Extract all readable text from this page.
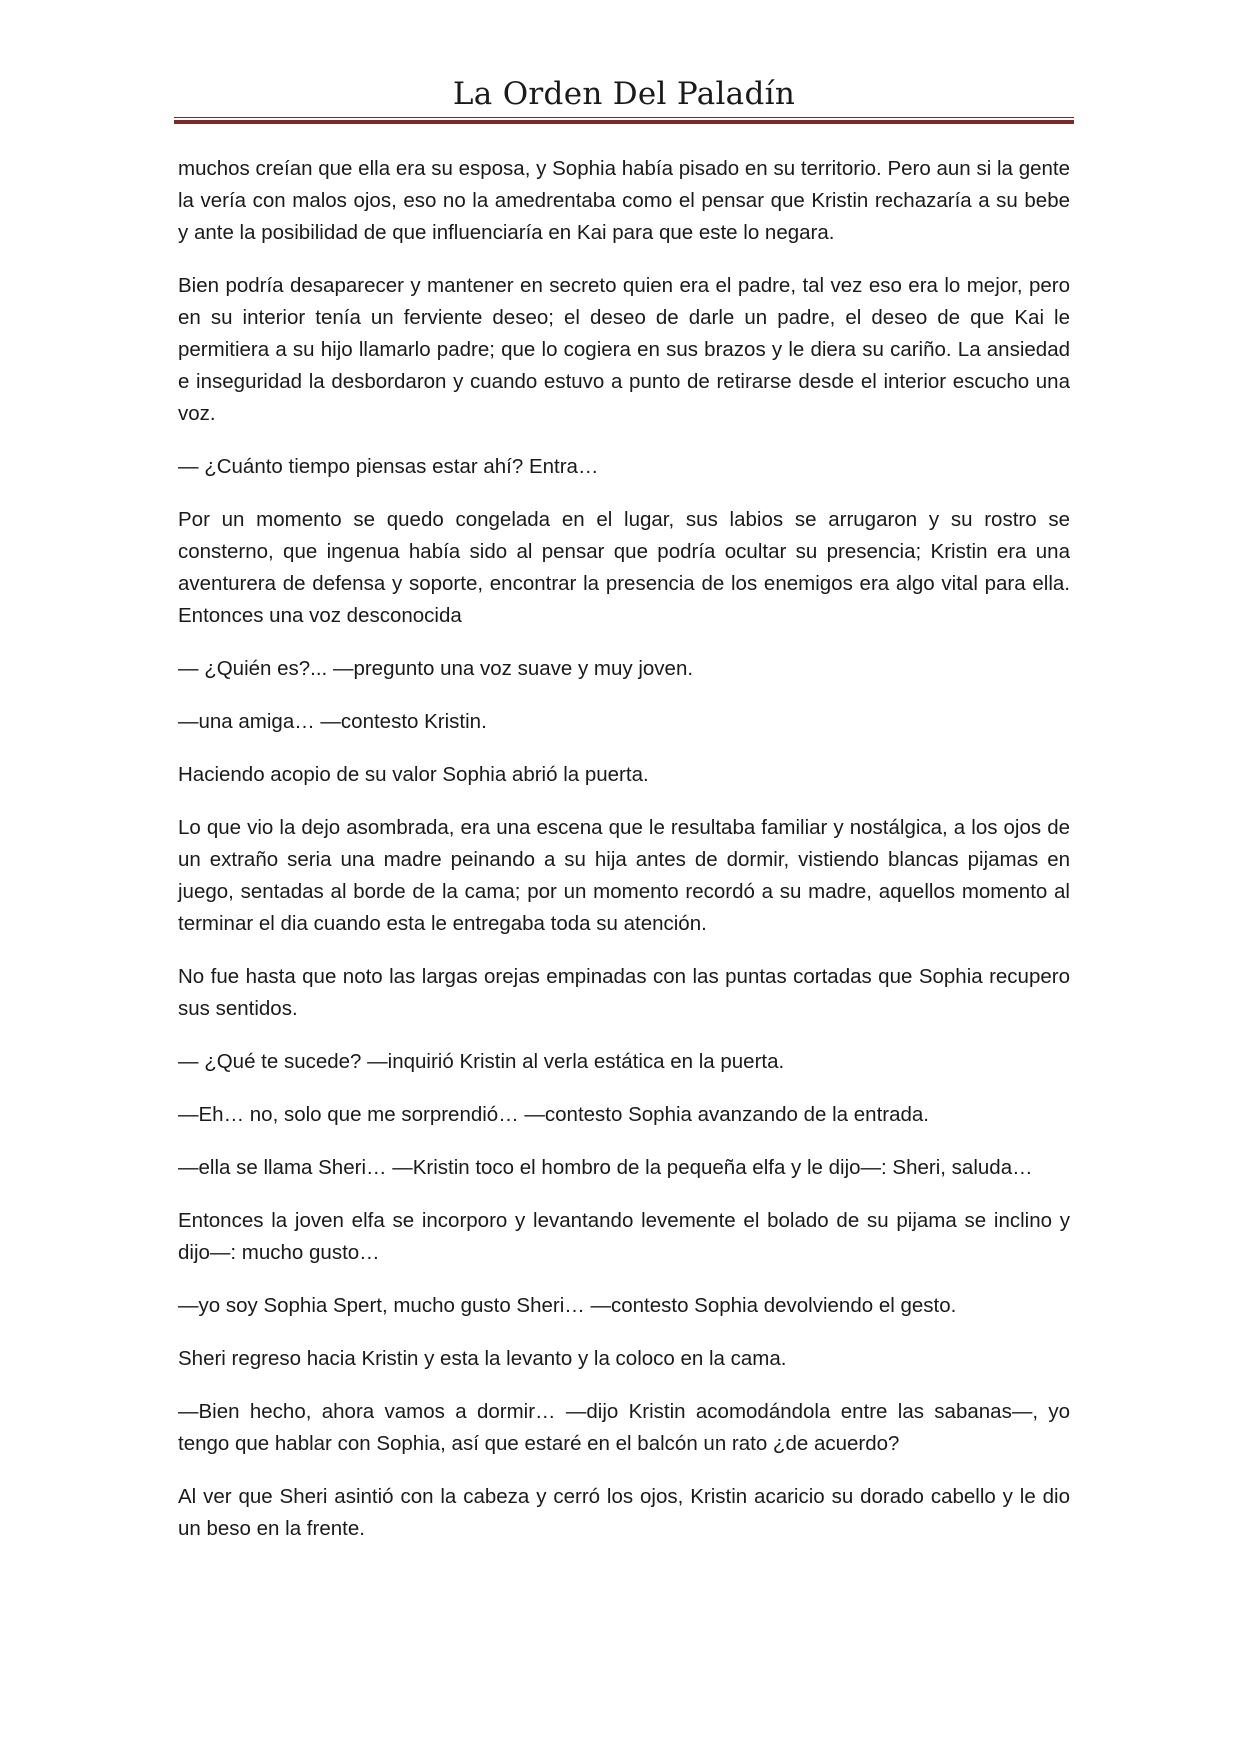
La Orden Del Paladín

muchos creían que ella era su esposa, y Sophia había pisado en su territorio. Pero aun si la gente la vería con malos ojos, eso no la amedrentaba como el pensar que Kristin rechazaría a su bebe y ante la posibilidad de que influenciaría en Kai para que este lo negara.

Bien podría desaparecer y mantener en secreto quien era el padre, tal vez eso era lo mejor, pero en su interior tenía un ferviente deseo; el deseo de darle un padre, el deseo de que Kai le permitiera a su hijo llamarlo padre; que lo cogiera en sus brazos y le diera su cariño. La ansiedad e inseguridad la desbordaron y cuando estuvo a punto de retirarse desde el interior escucho una voz.

— ¿Cuánto tiempo piensas estar ahí? Entra…

Por un momento se quedo congelada en el lugar, sus labios se arrugaron y su rostro se consterno, que ingenua había sido al pensar que podría ocultar su presencia; Kristin era una aventurera de defensa y soporte, encontrar la presencia de los enemigos era algo vital para ella. Entonces una voz desconocida

— ¿Quién es?... —pregunto una voz suave y muy joven.

—una amiga… —contesto Kristin.

Haciendo acopio de su valor Sophia abrió la puerta.

Lo que vio la dejo asombrada, era una escena que le resultaba familiar y nostálgica, a los ojos de un extraño seria una madre peinando a su hija antes de dormir, vistiendo blancas pijamas en juego, sentadas al borde de la cama; por un momento recordó a su madre, aquellos momento al terminar el dia cuando esta le entregaba toda su atención.

No fue hasta que noto las largas orejas empinadas con las puntas cortadas que Sophia recupero sus sentidos.

— ¿Qué te sucede? —inquirió Kristin al verla estática en la puerta.

—Eh… no, solo que me sorprendió… —contesto Sophia avanzando de la entrada.

—ella se llama Sheri… —Kristin toco el hombro de la pequeña elfa y le dijo—: Sheri, saluda…

Entonces la joven elfa se incorporo y levantando levemente el bolado de su pijama se inclino y dijo—: mucho gusto…

—yo soy Sophia Spert, mucho gusto Sheri… —contesto Sophia devolviendo el gesto.

Sheri regreso hacia Kristin y esta la levanto y la coloco en la cama.

—Bien hecho, ahora vamos a dormir… —dijo Kristin acomodándola entre las sabanas—, yo tengo que hablar con Sophia, así que estaré en el balcón un rato ¿de acuerdo?

Al ver que Sheri asintió con la cabeza y cerró los ojos, Kristin acaricio su dorado cabello y le dio un beso en la frente.
